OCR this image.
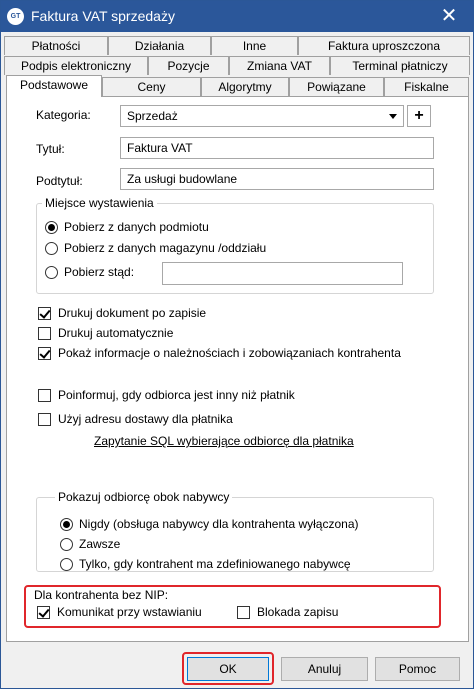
GT Faktura VAT sprzedaży	✕
Płatności	Działania	Inne	Faktura uproszczona
Podpis elektroniczny	Pozycje	Zmiana VAT	Terminal płatniczy
Podstawowe	Ceny	Algorytmy	Powiązane	Fiskalne
Kategoria:	Sprzedaż	+
Tytuł:	Faktura VAT
Podtytuł:	Za usługi budowlane
Miejsce wystawienia
Pobierz z danych podmiotu
Pobierz z danych magazynu /oddziału
Pobierz stąd:
Drukuj dokument po zapisie
Drukuj automatycznie
Pokaż informacje o należnościach i zobowiązaniach kontrahenta
Poinformuj, gdy odbiorca jest inny niż płatnik
Użyj adresu dostawy dla płatnika
Zapytanie SQL wybierające odbiorcę dla płatnika
Pokazuj odbiorcę obok nabywcy
Nigdy (obsługa nabywcy dla kontrahenta wyłączona)
Zawsze
Tylko, gdy kontrahent ma zdefiniowanego nabywcę
Dla kontrahenta bez NIP:
Komunikat przy wstawianiu	Blokada zapisu
OK	Anuluj	Pomoc
